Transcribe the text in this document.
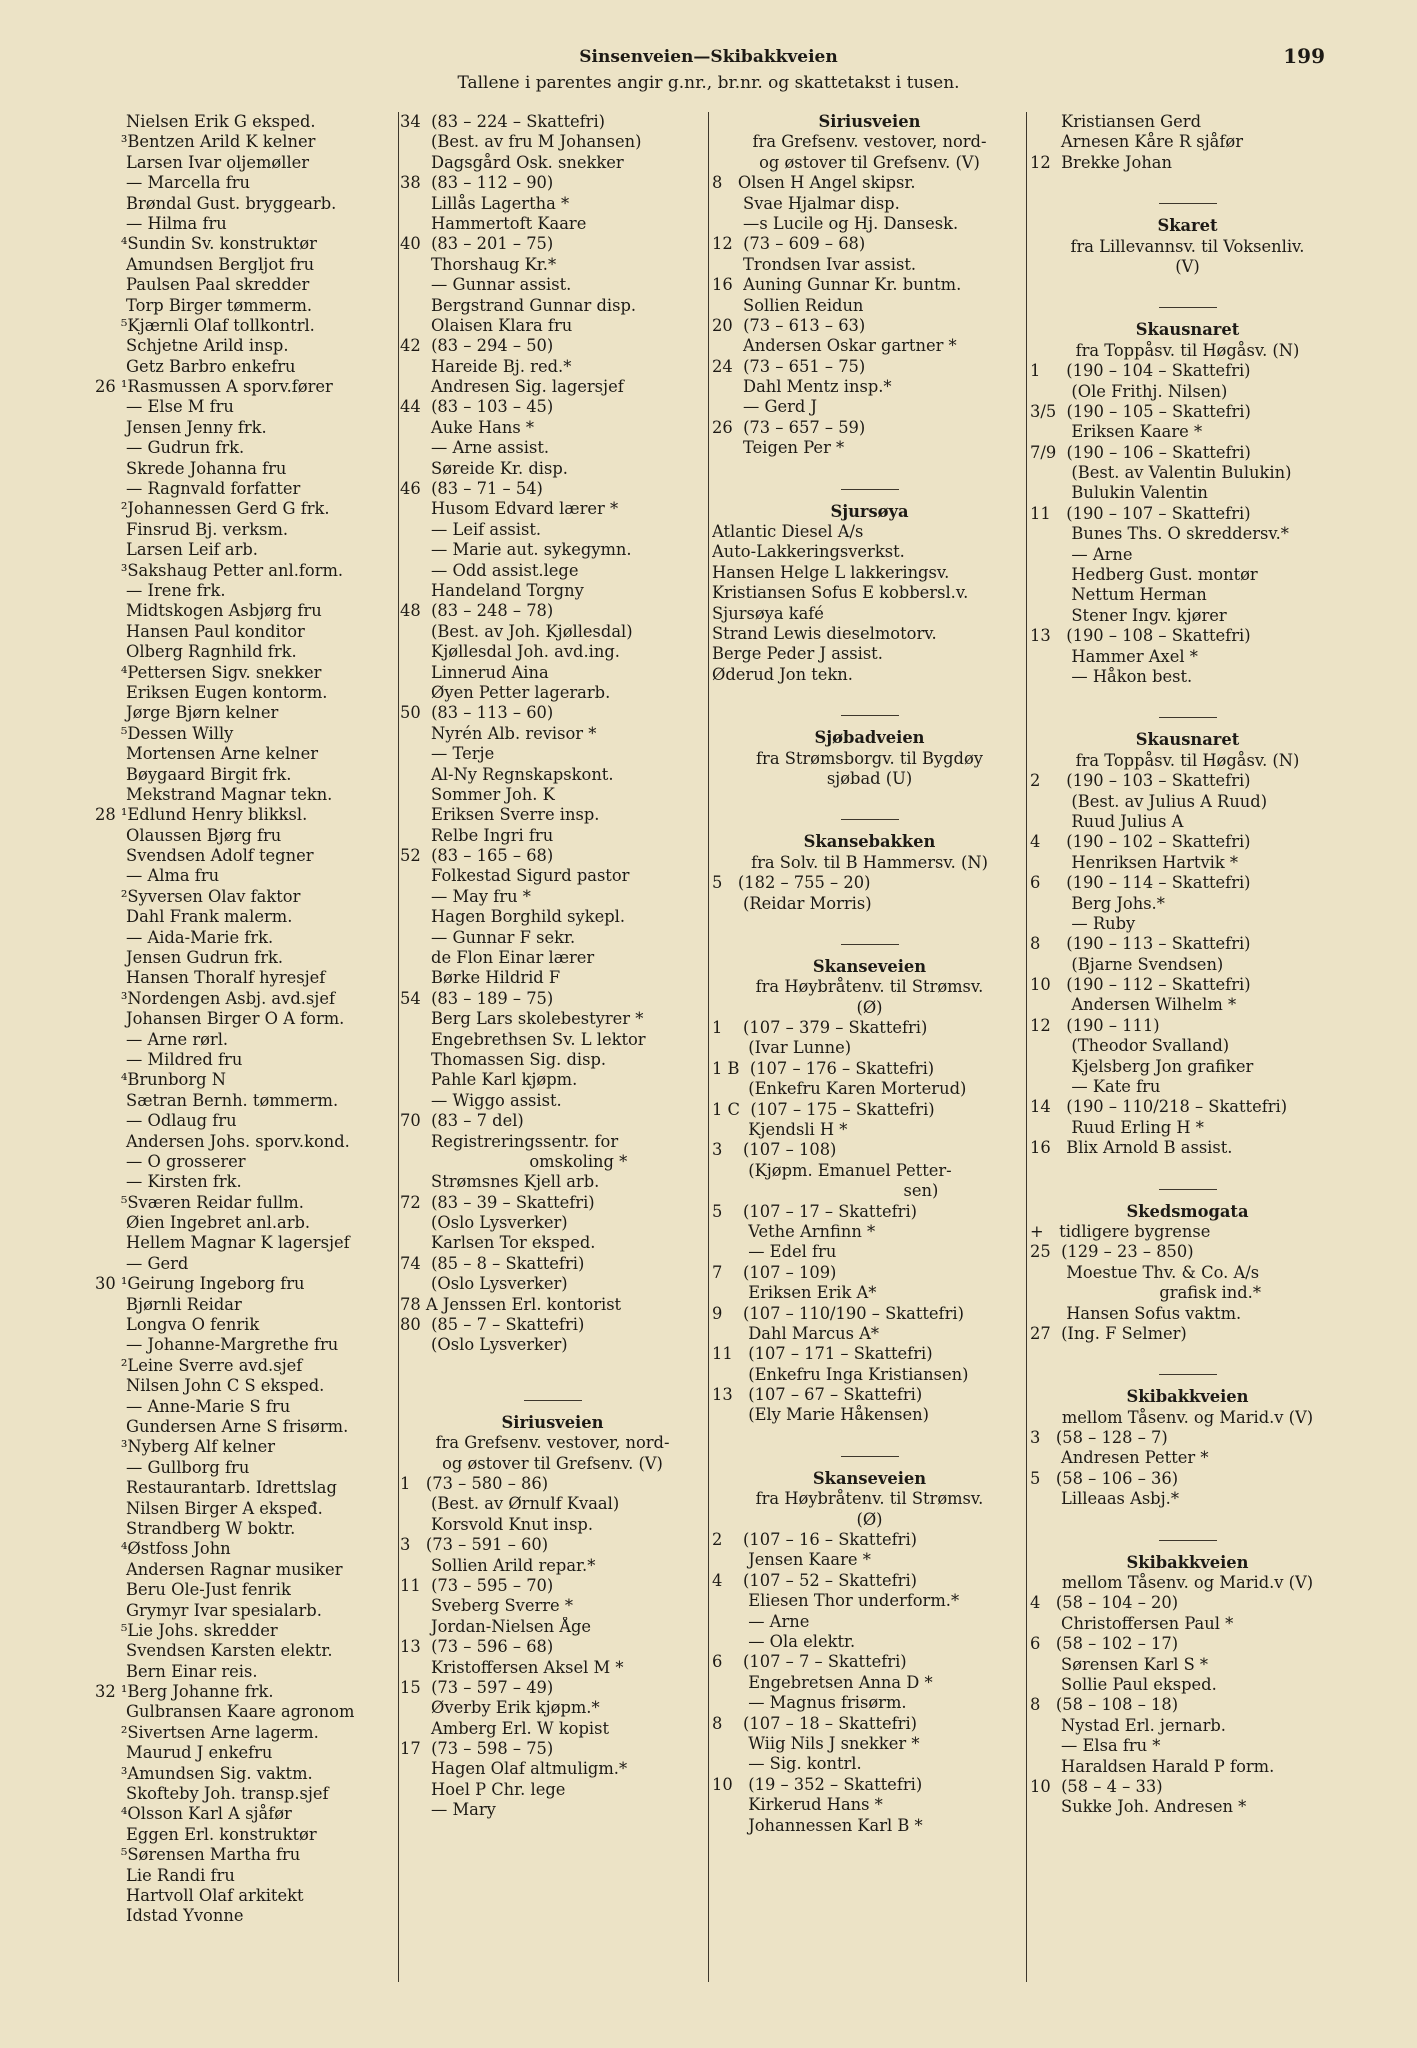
Sinsenveien—Skibakkveien
Tallene i parentes angir g.nr., br.nr. og skattetakst i tusen.
199
Nielsen Erik G eksped.
³Bentzen Arild K kelner
Larsen Ivar oljemøller
— Marcella fru
Brøndal Gust. bryggearb.
— Hilma fru
⁴Sundin Sv. konstruktør
Amundsen Bergljot fru
Paulsen Paal skredder
Torp Birger tømmerm.
⁵Kjærnli Olaf tollkontrl.
Schjetne Arild insp.
Getz Barbro enkefru
26 ¹Rasmussen A sporv.fører
— Else M fru
Jensen Jenny frk.
— Gudrun frk.
Skrede Johanna fru
— Ragnvald forfatter
²Johannessen Gerd G frk.
Finsrud Bj. verksm.
Larsen Leif arb.
³Sakshaug Petter anl.form.
— Irene frk.
Midtskogen Asbjørg fru
Hansen Paul konditor
Olberg Ragnhild frk.
⁴Pettersen Sigv. snekker
Eriksen Eugen kontorm.
Jørge Bjørn kelner
⁵Dessen Willy
Mortensen Arne kelner
Bøygaard Birgit frk.
Mekstrand Magnar tekn.
28 ¹Edlund Henry blikksl.
Olaussen Bjørg fru
Svendsen Adolf tegner
— Alma fru
²Syversen Olav faktor
Dahl Frank malerm.
— Aida-Marie frk.
Jensen Gudrun frk.
Hansen Thoralf hyresjef
³Nordengen Asbj. avd.sjef
Johansen Birger O A form.
— Arne rørl.
— Mildred fru
⁴Brunborg N
Sætran Bernh. tømmerm.
— Odlaug fru
Andersen Johs. sporv.kond.
— O grosserer
— Kirsten frk.
⁵Sværen Reidar fullm.
Øien Ingebret anl.arb.
Hellem Magnar K lagersjef
— Gerd
30 ¹Geirung Ingeborg fru
Bjørnli Reidar
Longva O fenrik
— Johanne-Margrethe fru
²Leine Sverre avd.sjef
Nilsen John C S eksped.
— Anne-Marie S fru
Gundersen Arne S frisørm.
³Nyberg Alf kelner
— Gullborg fru
Restaurantarb. Idrettslag
Nilsen Birger A ekspeđ.
Strandberg W boktr.
⁴Østfoss John
Andersen Ragnar musiker
Beru Ole-Just fenrik
Grymyr Ivar spesialarb.
⁵Lie Johs. skredder
Svendsen Karsten elektr.
Bern Einar reis.
32 ¹Berg Johanne frk.
Gulbransen Kaare agronom
²Sivertsen Arne lagerm.
Maurud J enkefru
³Amundsen Sig. vaktm.
Skofteby Joh. transp.sjef
⁴Olsson Karl A sjåfør
Eggen Erl. konstruktør
⁵Sørensen Martha fru
Lie Randi fru
Hartvoll Olaf arkitekt
Idstad Yvonne
34  (83 – 224 – Skattefri)
(Best. av fru M Johansen)
Dagsgård Osk. snekker
38  (83 – 112 – 90)
Lillås Lagertha *
Hammertoft Kaare
40  (83 – 201 – 75)
Thorshaug Kr.*
— Gunnar assist.
Bergstrand Gunnar disp.
Olaisen Klara fru
42  (83 – 294 – 50)
Hareide Bj. red.*
Andresen Sig. lagersjef
44  (83 – 103 – 45)
Auke Hans *
— Arne assist.
Søreide Kr. disp.
46  (83 – 71 – 54)
Husom Edvard lærer *
— Leif assist.
— Marie aut. sykegymn.
— Odd assist.lege
Handeland Torgny
48  (83 – 248 – 78)
(Best. av Joh. Kjøllesdal)
Kjøllesdal Joh. avd.ing.
Linnerud Aina
Øyen Petter lagerarb.
50  (83 – 113 – 60)
Nyrén Alb. revisor *
— Terje
Al-Ny Regnskapskont.
Sommer Joh. K
Eriksen Sverre insp.
Relbe Ingri fru
52  (83 – 165 – 68)
Folkestad Sigurd pastor
— May fru *
Hagen Borghild sykepl.
— Gunnar F sekr.
de Flon Einar lærer
Børke Hildrid F
54  (83 – 189 – 75)
Berg Lars skolebestyrer *
Engebrethsen Sv. L lektor
Thomassen Sig. disp.
Pahle Karl kjøpm.
— Wiggo assist.
70  (83 – 7 del)
Registreringssentr. for
omskoling *
Strømsnes Kjell arb.
72  (83 – 39 – Skattefri)
(Oslo Lysverker)
Karlsen Tor eksped.
74  (85 – 8 – Skattefri)
(Oslo Lysverker)
78 A Jenssen Erl. kontorist
80  (85 – 7 – Skattefri)
(Oslo Lysverker)
Siriusveien
fra Grefsenv. vestover, nord-
og østover til Grefsenv. (V)
1   (73 – 580 – 86)
(Best. av Ørnulf Kvaal)
Korsvold Knut insp.
3   (73 – 591 – 60)
Sollien Arild repar.*
11  (73 – 595 – 70)
Sveberg Sverre *
Jordan-Nielsen Åge
13  (73 – 596 – 68)
Kristoffersen Aksel M *
15  (73 – 597 – 49)
Øverby Erik kjøpm.*
Amberg Erl. W kopist
17  (73 – 598 – 75)
Hagen Olaf altmuligm.*
Hoel P Chr. lege
— Mary
Siriusveien
fra Grefsenv. vestover, nord-
og østover til Grefsenv. (V)
8   Olsen H Angel skipsr.
Svae Hjalmar disp.
—s Lucile og Hj. Dansesk.
12  (73 – 609 – 68)
Trondsen Ivar assist.
16  Auning Gunnar Kr. buntm.
Sollien Reidun
20  (73 – 613 – 63)
Andersen Oskar gartner *
24  (73 – 651 – 75)
Dahl Mentz insp.*
— Gerd J
26  (73 – 657 – 59)
Teigen Per *
Sjursøya
Atlantic Diesel A/s
Auto-Lakkeringsverkst.
Hansen Helge L lakkeringsv.
Kristiansen Sofus E kobbersl.v.
Sjursøya kafé
Strand Lewis dieselmotorv.
Berge Peder J assist.
Øderud Jon tekn.
Sjøbadveien
fra Strømsborgv. til Bygdøy
sjøbad (U)
Skansebakken
fra Solv. til B Hammersv. (N)
5   (182 – 755 – 20)
(Reidar Morris)
Skanseveien
fra Høybråtenv. til Strømsv.
(Ø)
1    (107 – 379 – Skattefri)
(Ivar Lunne)
1 B  (107 – 176 – Skattefri)
(Enkefru Karen Morterud)
1 C  (107 – 175 – Skattefri)
Kjendsli H *
3    (107 – 108)
(Kjøpm. Emanuel Petter-
sen)
5    (107 – 17 – Skattefri)
Vethe Arnfinn *
— Edel fru
7    (107 – 109)
Eriksen Erik A*
9    (107 – 110/190 – Skattefri)
Dahl Marcus A*
11   (107 – 171 – Skattefri)
(Enkefru Inga Kristiansen)
13   (107 – 67 – Skattefri)
(Ely Marie Håkensen)
Skanseveien
fra Høybråtenv. til Strømsv.
(Ø)
2    (107 – 16 – Skattefri)
Jensen Kaare *
4    (107 – 52 – Skattefri)
Eliesen Thor underform.*
— Arne
— Ola elektr.
6    (107 – 7 – Skattefri)
Engebretsen Anna D *
— Magnus frisørm.
8    (107 – 18 – Skattefri)
Wiig Nils J snekker *
— Sig. kontrl.
10   (19 – 352 – Skattefri)
Kirkerud Hans *
Johannessen Karl B *
Kristiansen Gerd
Arnesen Kåre R sjåfør
12  Brekke Johan
Skaret
fra Lillevannsv. til Voksenliv.
(V)
Skausnaret
fra Toppåsv. til Høgåsv. (N)
1     (190 – 104 – Skattefri)
(Ole Frithj. Nilsen)
3/5  (190 – 105 – Skattefri)
Eriksen Kaare *
7/9  (190 – 106 – Skattefri)
(Best. av Valentin Bulukin)
Bulukin Valentin
11   (190 – 107 – Skattefri)
Bunes Ths. O skreddersv.*
— Arne
Hedberg Gust. montør
Nettum Herman
Stener Ingv. kjører
13   (190 – 108 – Skattefri)
Hammer Axel *
— Håkon best.
Skausnaret
fra Toppåsv. til Høgåsv. (N)
2     (190 – 103 – Skattefri)
(Best. av Julius A Ruud)
Ruud Julius A
4     (190 – 102 – Skattefri)
Henriksen Hartvik *
6     (190 – 114 – Skattefri)
Berg Johs.*
— Ruby
8     (190 – 113 – Skattefri)
(Bjarne Svendsen)
10   (190 – 112 – Skattefri)
Andersen Wilhelm *
12   (190 – 111)
(Theodor Svalland)
Kjelsberg Jon grafiker
— Kate fru
14   (190 – 110/218 – Skattefri)
Ruud Erling H *
16   Blix Arnold B assist.
Skedsmogata
+   tidligere bygrense
25  (129 – 23 – 850)
Moestue Thv. & Co. A/s
grafisk ind.*
Hansen Sofus vaktm.
27  (Ing. F Selmer)
Skibakkveien
mellom Tåsenv. og Marid.v (V)
3   (58 – 128 – 7)
Andresen Petter *
5   (58 – 106 – 36)
Lilleaas Asbj.*
Skibakkveien
mellom Tåsenv. og Marid.v (V)
4   (58 – 104 – 20)
Christoffersen Paul *
6   (58 – 102 – 17)
Sørensen Karl S *
Sollie Paul eksped.
8   (58 – 108 – 18)
Nystad Erl. jernarb.
— Elsa fru *
Haraldsen Harald P form.
10  (58 – 4 – 33)
Sukke Joh. Andresen *
